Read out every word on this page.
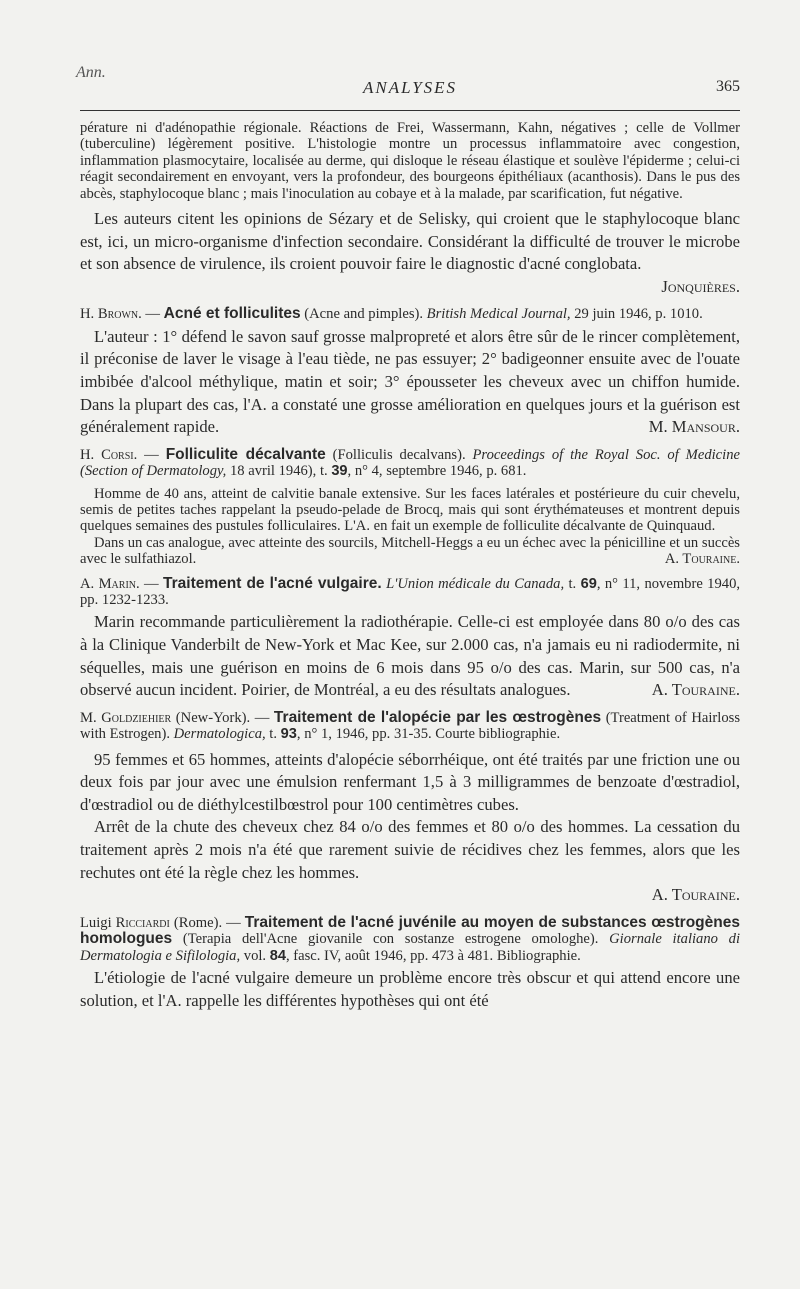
Ann.
ANALYSES	365

pérature ni d'adénopathie régionale. Réactions de Frei, Wassermann, Kahn, négatives ; celle de Vollmer (tuberculine) légèrement positive. L'histologie montre un processus inflammatoire avec congestion, inflammation plasmocytaire, localisée au derme, qui disloque le réseau élastique et soulève l'épiderme ; celui-ci réagit secondairement en envoyant, vers la profondeur, des bourgeons épithéliaux (acanthosis). Dans le pus des abcès, staphylocoque blanc ; mais l'inoculation au cobaye et à la malade, par scarification, fut négative.

Les auteurs citent les opinions de Sézary et de Selisky, qui croient que le staphylocoque blanc est, ici, un micro-organisme d'infection secondaire. Considérant la difficulté de trouver le microbe et son absence de virulence, ils croient pouvoir faire le diagnostic d'acné conglobata.
Jonquières.

H. Brown. — Acné et folliculites (Acne and pimples). British Medical Journal, 29 juin 1946, p. 1010.

L'auteur : 1° défend le savon sauf grosse malpropreté et alors être sûr de le rincer complètement, il préconise de laver le visage à l'eau tiède, ne pas essuyer; 2° badigeonner ensuite avec de l'ouate imbibée d'alcool méthylique, matin et soir; 3° épousseter les cheveux avec un chiffon humide. Dans la plupart des cas, l'A. a constaté une grosse amélioration en quelques jours et la guérison est généralement rapide.	M. Mansour.

H. Corsi. — Folliculite décalvante (Folliculis decalvans). Proceedings of the Royal Soc. of Medicine (Section of Dermatology, 18 avril 1946), t. 39, n° 4, septembre 1946, p. 681.

Homme de 40 ans, atteint de calvitie banale extensive. Sur les faces latérales et postérieure du cuir chevelu, semis de petites taches rappelant la pseudo-pelade de Brocq, mais qui sont érythémateuses et montrent depuis quelques semaines des pustules folliculaires. L'A. en fait un exemple de folliculite décalvante de Quinquaud.

Dans un cas analogue, avec atteinte des sourcils, Mitchell-Heggs a eu un échec avec la pénicilline et un succès avec le sulfathiazol.	A. Touraine.

A. Marin. — Traitement de l'acné vulgaire. L'Union médicale du Canada, t. 69, n° 11, novembre 1940, pp. 1232-1233.

Marin recommande particulièrement la radiothérapie. Celle-ci est employée dans 80 o/o des cas à la Clinique Vanderbilt de New-York et Mac Kee, sur 2.000 cas, n'a jamais eu ni radiodermite, ni séquelles, mais une guérison en moins de 6 mois dans 95 o/o des cas. Marin, sur 500 cas, n'a observé aucun incident. Poirier, de Montréal, a eu des résultats analogues.	A. Touraine.

M. Goldziehier (New-York). — Traitement de l'alopécie par les œstrogènes (Treatment of Hairloss with Estrogen). Dermatologica, t. 93, n° 1, 1946, pp. 31-35. Courte bibliographie.

95 femmes et 65 hommes, atteints d'alopécie séborrhéique, ont été traités par une friction une ou deux fois par jour avec une émulsion renfermant 1,5 à 3 milligrammes de benzoate d'œstradiol, d'œstradiol ou de diéthylcestilbœstrol pour 100 centimètres cubes.

Arrêt de la chute des cheveux chez 84 o/o des femmes et 80 o/o des hommes. La cessation du traitement après 2 mois n'a été que rarement suivie de récidives chez les femmes, alors que les rechutes ont été la règle chez les hommes.

A. Touraine.

Luigi Ricciardi (Rome). — Traitement de l'acné juvénile au moyen de substances œstrogènes homologues (Terapia dell'Acne giovanile con sostanze estrogene omologhe). Giornale italiano di Dermatologia e Sifilologia, vol. 84, fasc. IV, août 1946, pp. 473 à 481. Bibliographie.

L'étiologie de l'acné vulgaire demeure un problème encore très obscur et qui attend encore une solution, et l'A. rappelle les différentes hypothèses qui ont été
